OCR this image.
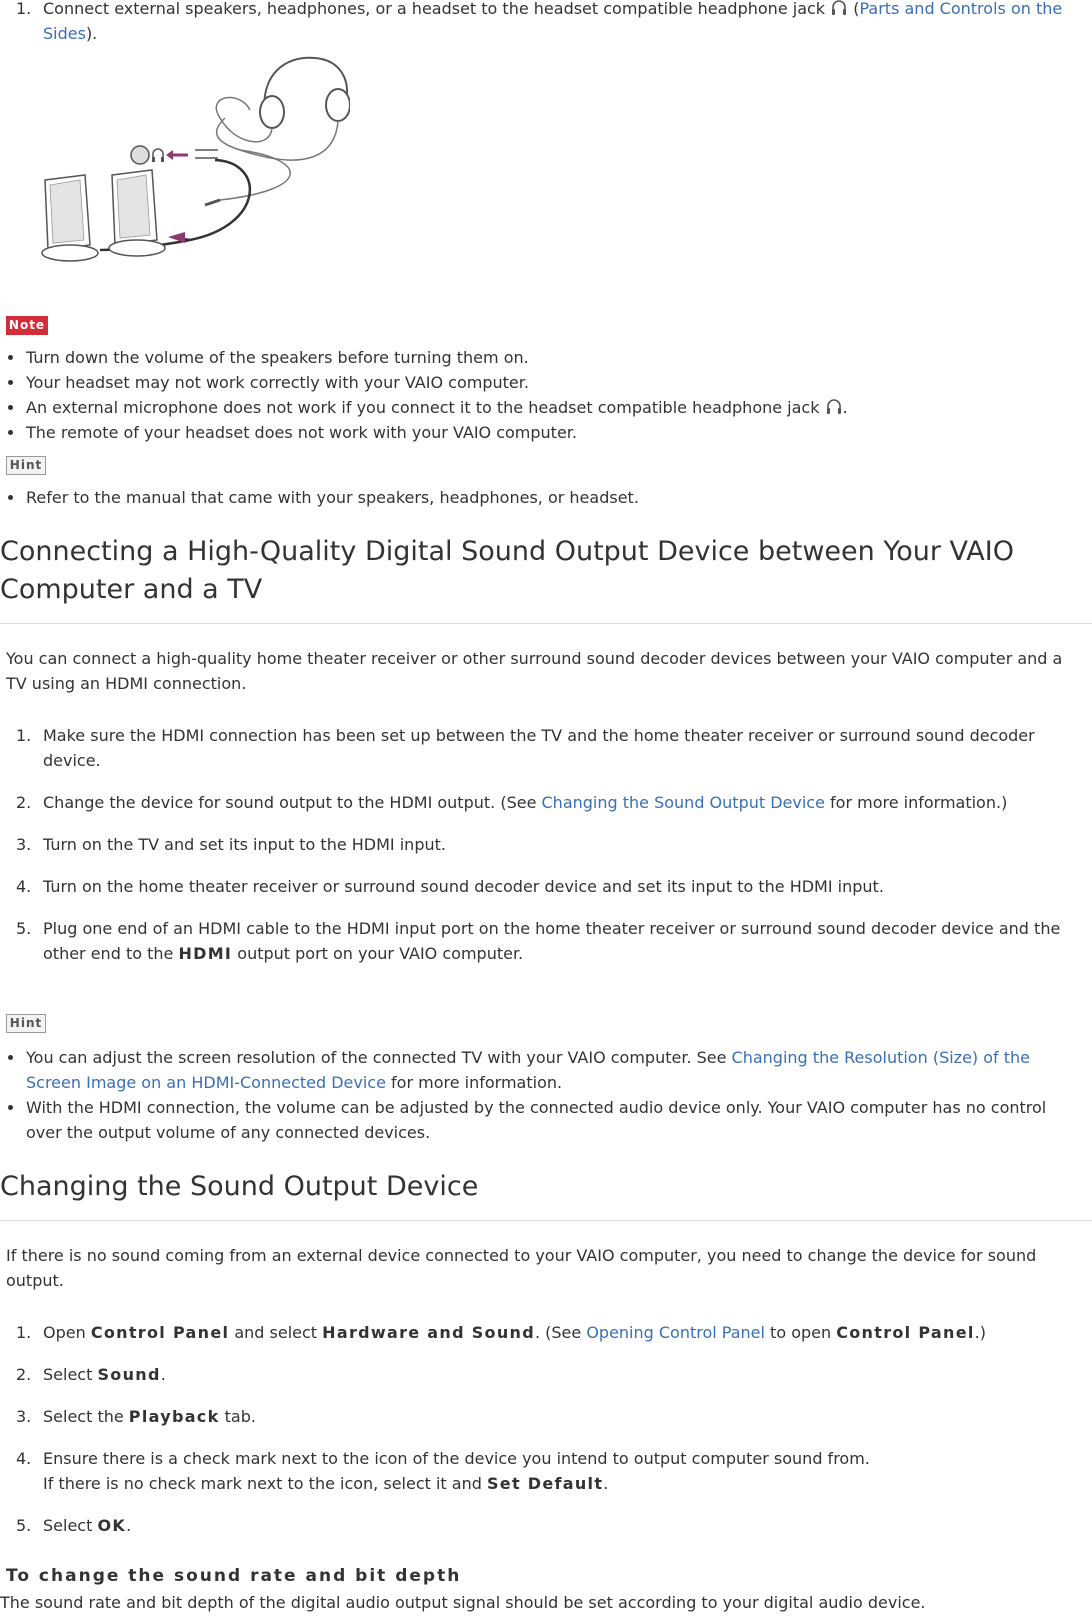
1. Connect external speakers, headphones, or a headset to the headset compatible headphone jack  (Parts and Controls on the Sides).
Note
Turn down the volume of the speakers before turning them on.
Your headset may not work correctly with your VAIO computer.
An external microphone does not work if you connect it to the headset compatible headphone jack .
The remote of your headset does not work with your VAIO computer.
Hint
Refer to the manual that came with your speakers, headphones, or headset.
Connecting a High-Quality Digital Sound Output Device between Your VAIO Computer and a TV
You can connect a high-quality home theater receiver or other surround sound decoder devices between your VAIO computer and a TV using an HDMI connection.
1. Make sure the HDMI connection has been set up between the TV and the home theater receiver or surround sound decoder device.
2. Change the device for sound output to the HDMI output. (See Changing the Sound Output Device for more information.)
3. Turn on the TV and set its input to the HDMI input.
4. Turn on the home theater receiver or surround sound decoder device and set its input to the HDMI input.
5. Plug one end of an HDMI cable to the HDMI input port on the home theater receiver or surround sound decoder device and the other end to the HDMI output port on your VAIO computer.
Hint
You can adjust the screen resolution of the connected TV with your VAIO computer. See Changing the Resolution (Size) of the Screen Image on an HDMI-Connected Device for more information.
With the HDMI connection, the volume can be adjusted by the connected audio device only. Your VAIO computer has no control over the output volume of any connected devices.
Changing the Sound Output Device
If there is no sound coming from an external device connected to your VAIO computer, you need to change the device for sound output.
1. Open Control Panel and select Hardware and Sound. (See Opening Control Panel to open Control Panel.)
2. Select Sound.
3. Select the Playback tab.
4. Ensure there is a check mark next to the icon of the device you intend to output computer sound from.
If there is no check mark next to the icon, select it and Set Default.
5. Select OK.
To change the sound rate and bit depth
The sound rate and bit depth of the digital audio output signal should be set according to your digital audio device.
